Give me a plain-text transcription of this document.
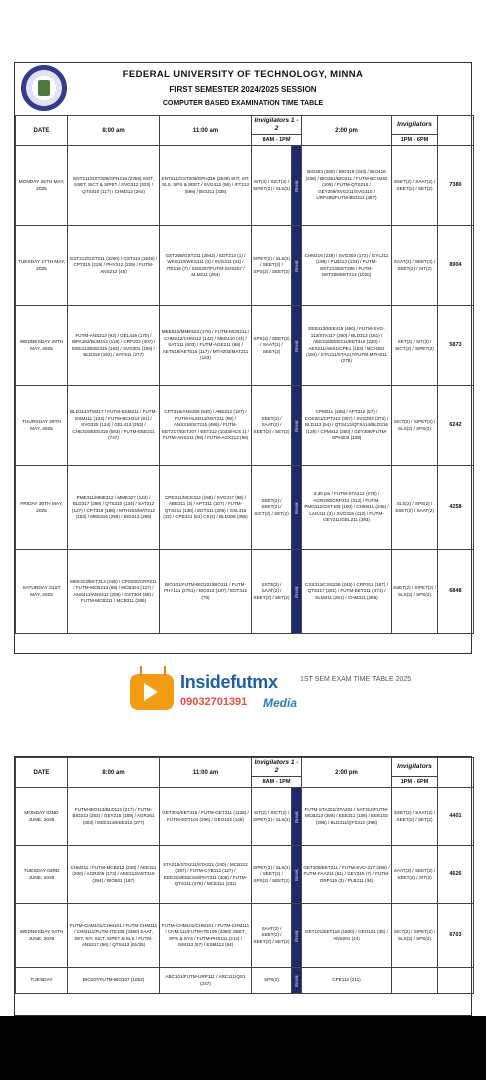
FEDERAL UNIVERSITY OF TECHNOLOGY, MINNA
FIRST SEMESTER 2024/2025 SESSION
COMPUTER BASED EXAMINATION TIME TABLE
DATE	8:00 am	11:00 am	Invigilators 1 - 2		2:00 pm	Invigilators	
			8AM - 1PM			1PM - 6PM	
MONDAY 26TH MAY, 2025	ENT211/GST209/GPH219 (2359) SSIT, SSET, SICT & SIPET / SVG312 (333) / QTS410 (117) / CHM312 (264)	ENT211/GST209/GPH219 (2549) SIIT, SIT, SLS, SPS & SEET / SVG412 (56) / IFT213 (598) / BIO311 (335)	SIT(3) / SICT(2) / SIPET(2) / SLS(2)	Break	BIO253 (280) / BIO319 (343) / BIO416 (238) / BIO381/BIO311 / FUTM-BCH252 (109) / FUTM-QTS216 / GEY209/SVG211/SVG310 / URP285/FUTM-BIO211 (387)	SSET(2) / SAAT(2) / SEET(2) / SET(2)	7380
TUESDAY 27TH MAY, 2025	GST212/GST211 (2280) / GST113 (1549) / CPT315 (219) / PHY312 (229) / FUTM-ANS212 (45)	GST208/GST211 (2942) / EDT213 (1) / WKS110/WKS111 (3) / SVG311 (31) / ITE116 (7) / SOS207/FUTM-SOS207 / SLM211 (264)	SIPET(2) / SLS(2) / SEET(2) / SPS(2) / SEET(2)	Break	CHM216 (238) / SVG303 (172) / GYL211 (198) / PLB413 (134) / FUTM-EET213/EET206 / FUTM-GET205/EET214 (1020)	SAAT(3) / SEET(2) / SEET(2) / SIT(2)	8904
WEDNESDAY 28TH MAY, 2025	FUTM-ANS213 (92) / GEL419 (170) / WPA263/BLM212 (118) / CRP322 (307) / EEE313/EEE315 (163) / SVG301 (159) / BLD319 (152) / SAT511 (277)	MEE515/MME523 (178) / FUTM-MCB211 / CHM212/CHM112 (142) / MEE410 (44) / SAT111 (603) / FUTM-AGE211 (86) / AET518/AET515 (117) / MTH203/MAT211 (153)	SPS(2) / SEET(2) / SAAT(2) / SEET(2)	Break	EEE413/EEE418 (460) / FUTM-SVG-113/STA117 (260) / BLD312 (161) / AEE315/EEE411/EET315 (220) / AES211/AES1/CPE1 (153) / BCH381 (194) / STA211/STA217/FUTM-MTH211 (278)	SET(2) / SIT(2) / SICT(2) / SIPET(2)	5873
THURSDAY 29TH MAY, 2025	BLD314/ITM317 / FUTM-ESM211 / FUTM-ESM111 (103) / FUTM-BCH214 (61) / SVG325 (124) / GEL413 (253) / CHE316/EEE315 (583) / FUTM-EEE211 (747)	CPT316/ANS206 (540) / ABE312 (187) / FUTM-HLM211/NST211 (99) / ANS318/SIT215 (486) / FUTM-EET217/EET207 / EET212 (1033/HCS 1) / FUTM-ANS211 (99) / FUTM-AGX212 (59)	SEET(2) / SAAT(2) / SEET(2) / SET(2)	Break	CPM211 (185) / APT312 (57) / COS201/CPT212 (357) / SVG303 (372) / BLD113 (54) / QTS413/QTS414/BLD316 (128) / CPM412 (350) / GEY308/FUTM-GPH203 (108)	SICT(2) / SIPET(2) / SLS(2) / SPS(2)	6242
FRIDAY 30TH MAY, 2025	PME311/MME312 / MME327 (124) / BLD317 (288) / QTS310 (134) / SAT212 (127) / CPT319 (186) / MTH204/MAT212 (153) / MEE315 (259) / BIO313 (285)	CPE311/MCE312 (158) / SVG317 (95) / ABE211 (3) / APT311 (107) / FUTM-QTS211 (136) / EDT311 (206) / GSL416 (32) / CPE321 (61) CS(4) / BLD206 (355)	SEET(2) / SEET(2) / SICT(2) / SET(2)	Break	2:30 pm / FUTM-STA212 (276) / AGR200/CRP212 (312) / FUTM-PMG112/GST105 (100) / CHM411 (245) / LAG411 (3) / SVG316 (112) / FUTM-GEY211/GEL211 (293)	SLS(2) / SPS(2) / SSET(2) / SAAT(2)	4258
SATURDAY 31ST MAY, 2025	MEE313/EET313 (236) / CPS200/CRP211 / FUTM-MCB213 (69) / MCB324 (127) / ANS413/ANS411 (209) / GST304 (59) / FUTM-MCB311 / MCB311 (285)	BIO101/FUTM-BIO101/BIO111 / FUTM-PHY111 (2751) / BIO312 (197) / EDT312 (70)	SSTE(2) / SAAT(2) / SEET(2) / SET(2)	Break	CSS312/CSS236 (243) / CRP311 (187) / QTS317 (201) / FUTM-EET211 (471) / SLM311 (251) / CHM311 (266)	SSET(2) / SIPET(2) / SLS(2) / SPS(2)	6848
Insidefutmx
09032701391 Media
1ST SEM EXAM TIME TABLE 2025
DATE	8:00 am	11:00 am	Invigilators 1 - 2		2:00 pm	Invigilators	
			8AM - 1PM			1PM - 6PM	
MONDAY 02ND JUNE, 2025	FUTM-BIO113/BLD112 (217) / FUTM-BIO213 (253) / GEY215 (159) / AGR261 (303) / EEE314/EEE312 (277)	GET301/EET315 / FUTM-GET211 (1128) / FUTM-EDT104 (206) / GEO102 (148)	SIT(2) / SICT(2) / SIPET(2) / SLS(2)	Break	FUTM-STA201/STA201 / SAT312/FUTM-MCB213 (388) / EEE311 (138) / EEE102 (298) / BLD311/QTS312 (399)	SSET(2) / SAAT(2) / SEET(2) / SET(2)	4401
TUESDAY 03RD JUNE, 2025	CHM211 / FUTM-MCB212 (238) / AEE311 (200) / AGR205 (173) / AEE313/AET316 (264) / BIO501 (187)	STA215/STA211/STA221 (240) / MCB312 (367) / FUTM-CYB112 (127) / EEE315/EEE316/PHY311 (408) / FUTM-QTS111 (276) / MCE311 (231)	SIPET(2) / SLS(2) / SEET(2) / SPS(2) / SEET(2)	Break	GET209/EET211 / FUTM-SVG-217 (486) / FUTM-FAA211 (81) / GEY315 (7) / FUTM-GRP115 (3) / PLB211 (34)	SAAT(3) / SEET(2) / SEET(2) / SIT(2)	4626
WEDNESDAY 04TH JUNE, 2025	FUTM-CHM101/CHM101 / FUTM-CHM111 / CHM111/FUTM-ITE105 (3360) SAAT, SET, SIT, SICT, SIPET & SLS / FUTM-ANS217 (56) / QTS413 (61/35)	FUTM-CHM101/CHM101 / FUTM-CHM111 / CHM 111/FUTM-ITE105 (3360) SEET, SPS & SYS / FUTM-PHS111 (212) / ISM113 (87) / ESM113 (64)	SAAT(2) / SEET(2) / SEET(2) / SET(2)	Break	GET101/EET118 (1500) / GEO101 (35) / ANS201 (44)	SICT(2) / SIPET(2) / SLS(2) / SPS(2)	6703
TUESDAY	BIO107/FUTM-BIO107 (1053)	ABC101/FUTM-URP111 / ARC111/QS1 (247)	SPS(2)	Break	CPE112 (211)		
